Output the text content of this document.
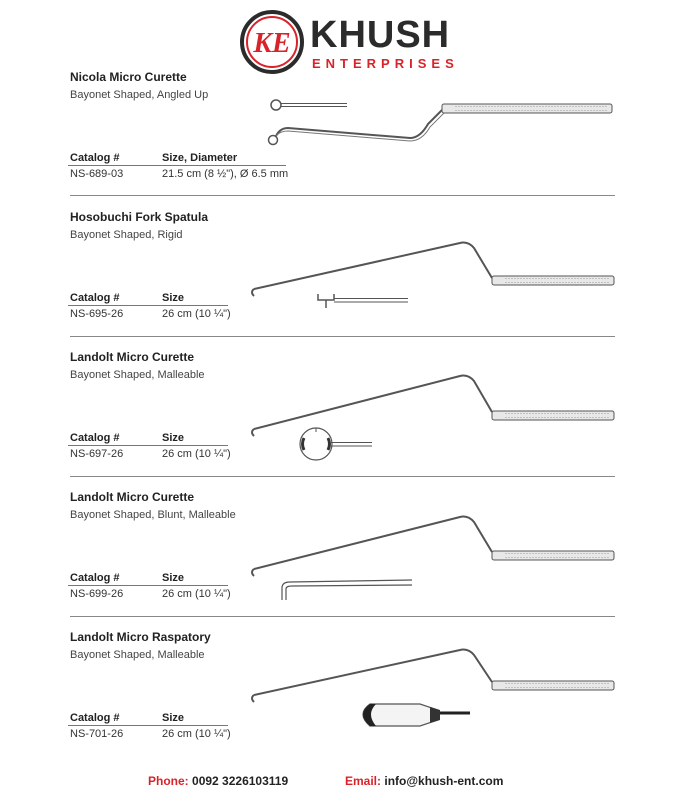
KE KHUSH
ENTERPRISES
Nicola Micro Curette
Bayonet Shaped, Angled Up
Catalog #	Size, Diameter
NS-689-03	21.5 cm (8 ½"), Ø 6.5 mm
Hosobuchi Fork Spatula
Bayonet Shaped, Rigid
Catalog #	Size
NS-695-26	26 cm (10 ¼")
Landolt Micro Curette
Bayonet Shaped, Malleable
Catalog #	Size
NS-697-26	26 cm (10 ¼")
Landolt Micro Curette
Bayonet Shaped, Blunt, Malleable
Catalog #	Size
NS-699-26	26 cm (10 ¼")
Landolt Micro Raspatory
Bayonet Shaped, Malleable
Catalog #	Size
NS-701-26	26 cm (10 ¼")
Phone: 0092 3226103119	Email: info@khush-ent.com
